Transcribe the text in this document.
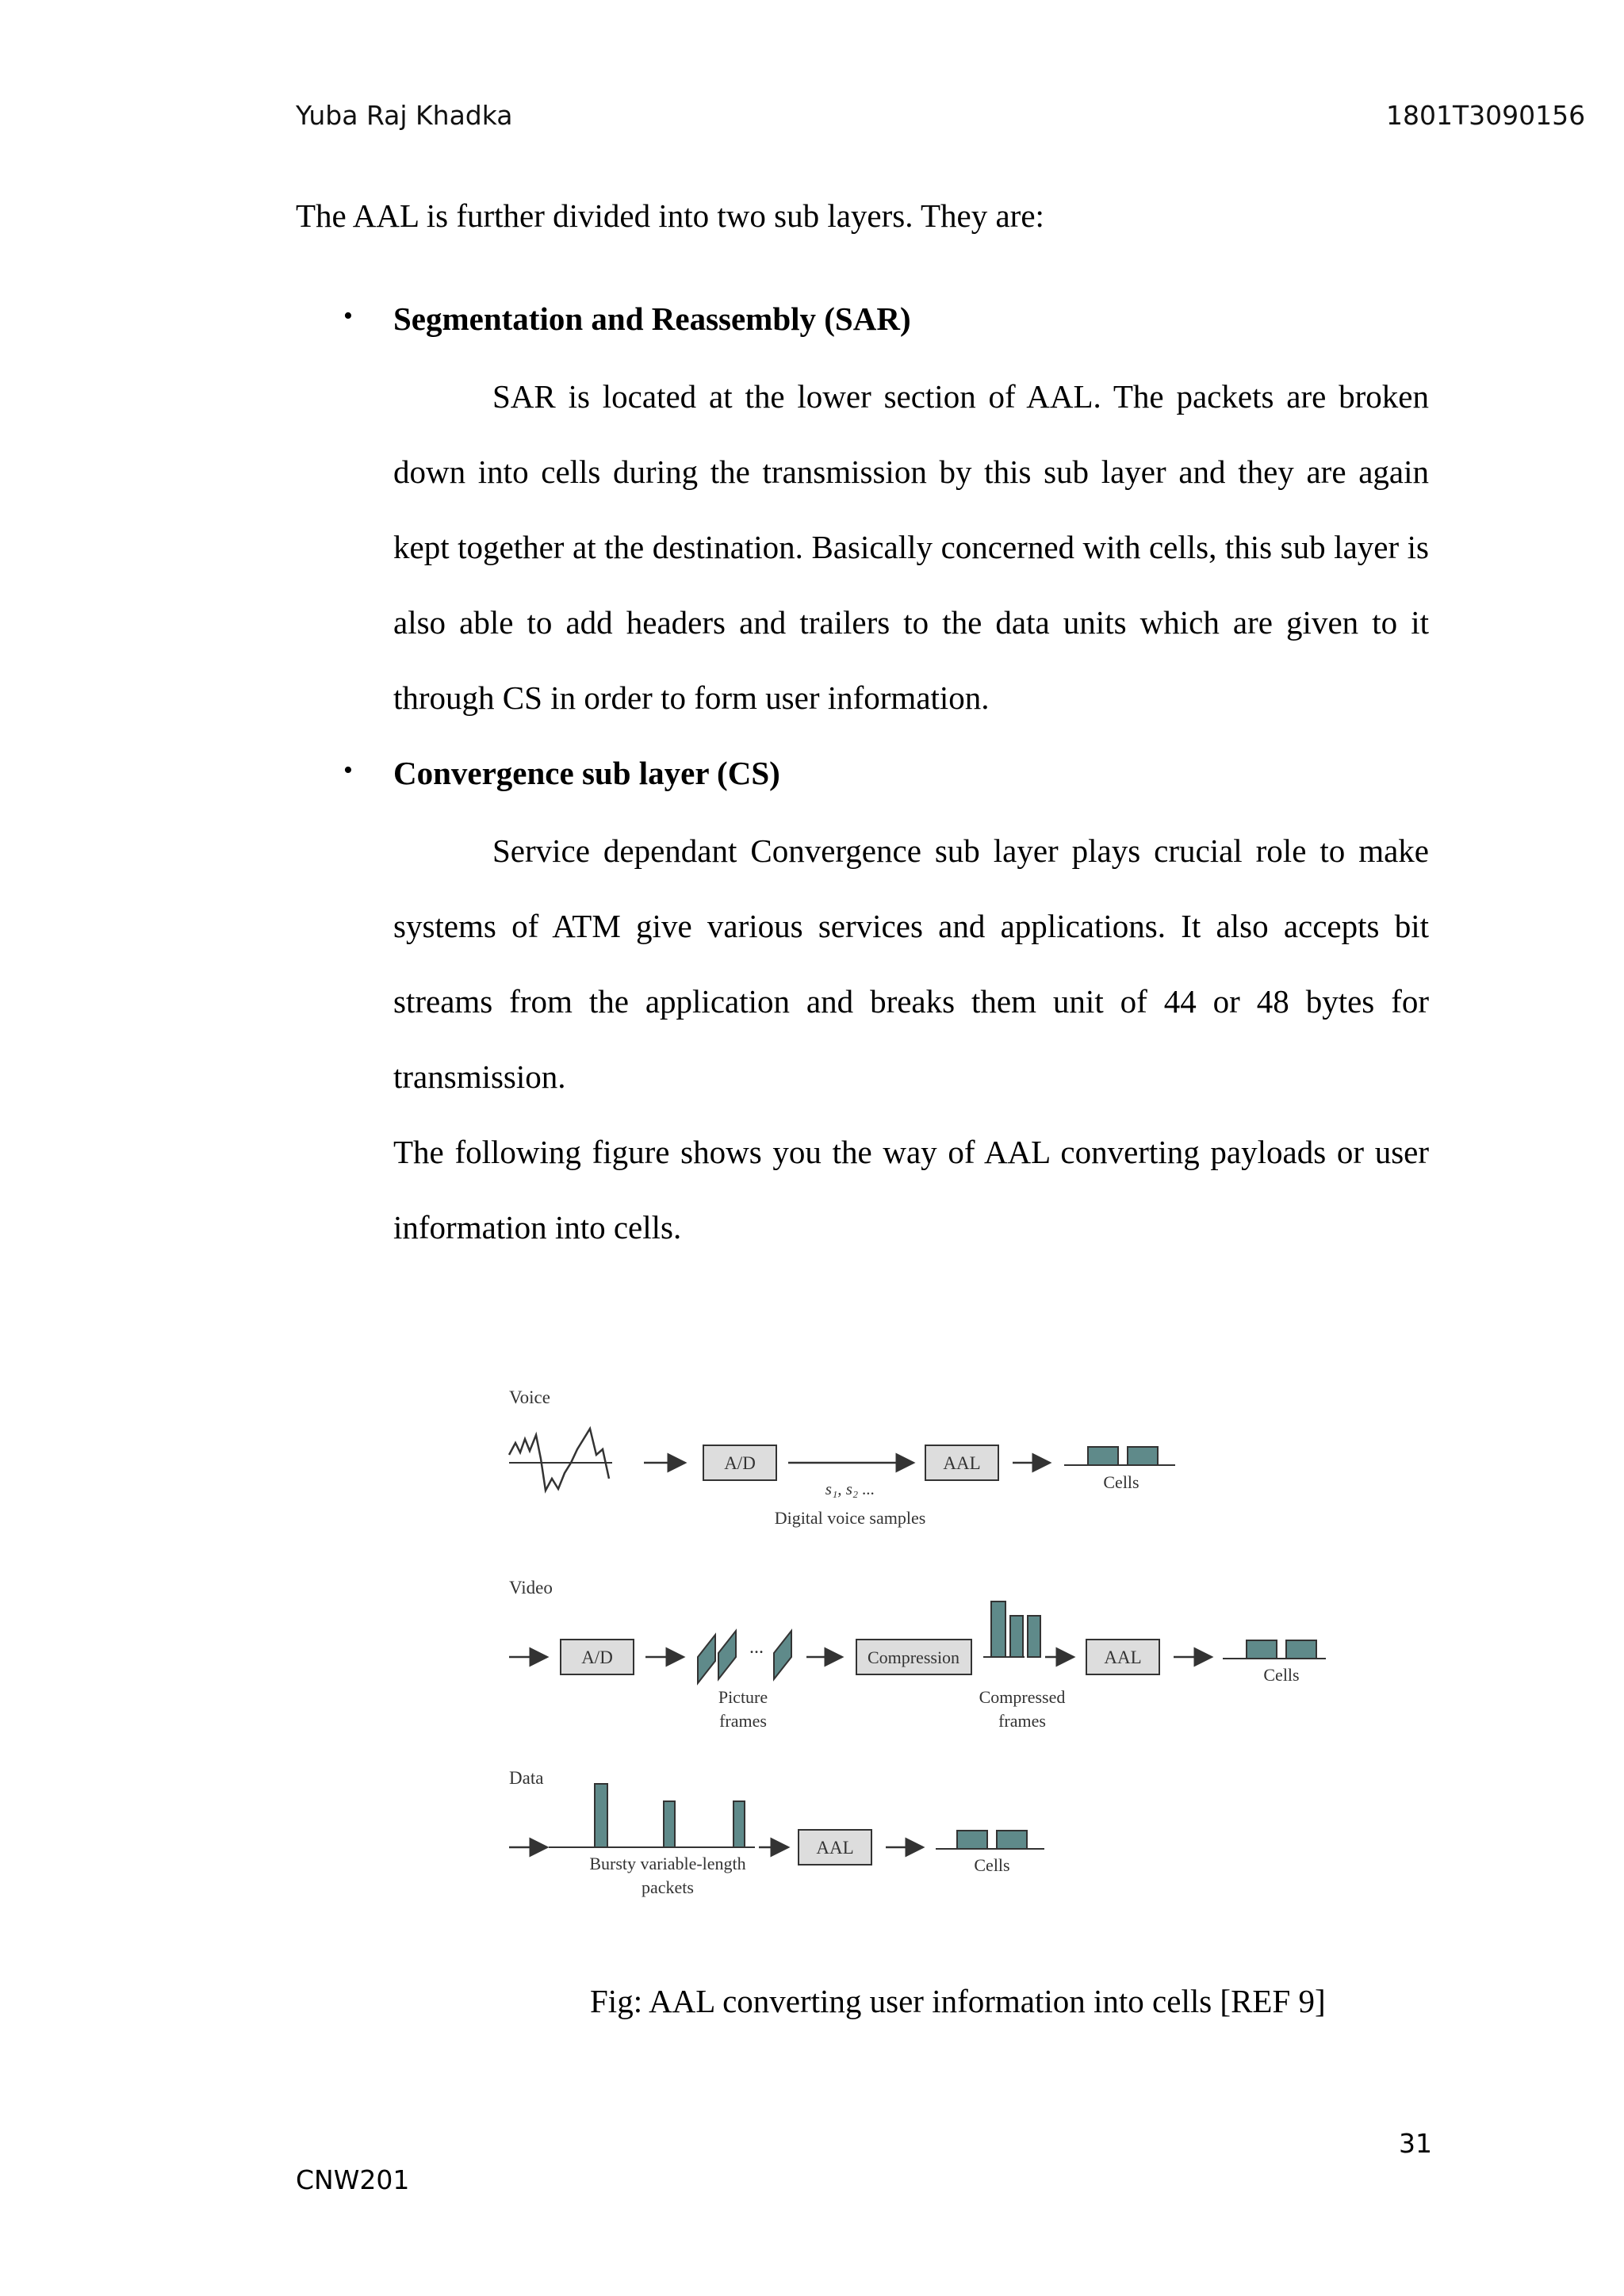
Yuba Raj Khadka	1801T3090156

The AAL is further divided into two sub layers. They are:

• Segmentation and Reassembly (SAR)

SAR is located at the lower section of AAL. The packets are broken down into cells during the transmission by this sub layer and they are again kept together at the destination. Basically concerned with cells, this sub layer is also able to add headers and trailers to the data units which are given to it through CS in order to form user information.

• Convergence sub layer (CS)

Service dependant Convergence sub layer plays crucial role to make systems of ATM give various services and applications. It also accepts bit streams from the application and breaks them unit of 44 or 48 bytes for transmission.

The following figure shows you the way of AAL converting payloads or user information into cells.

Voice
A/D
s₁, s₂ ...
Digital voice samples
AAL
Cells
Video
A/D	...
Picture
frames
Compression
Compressed
frames
AAL
Cells
Data
Bursty variable-length
packets
AAL
Cells
Fig: AAL converting user information into cells [REF 9]
31
CNW201
